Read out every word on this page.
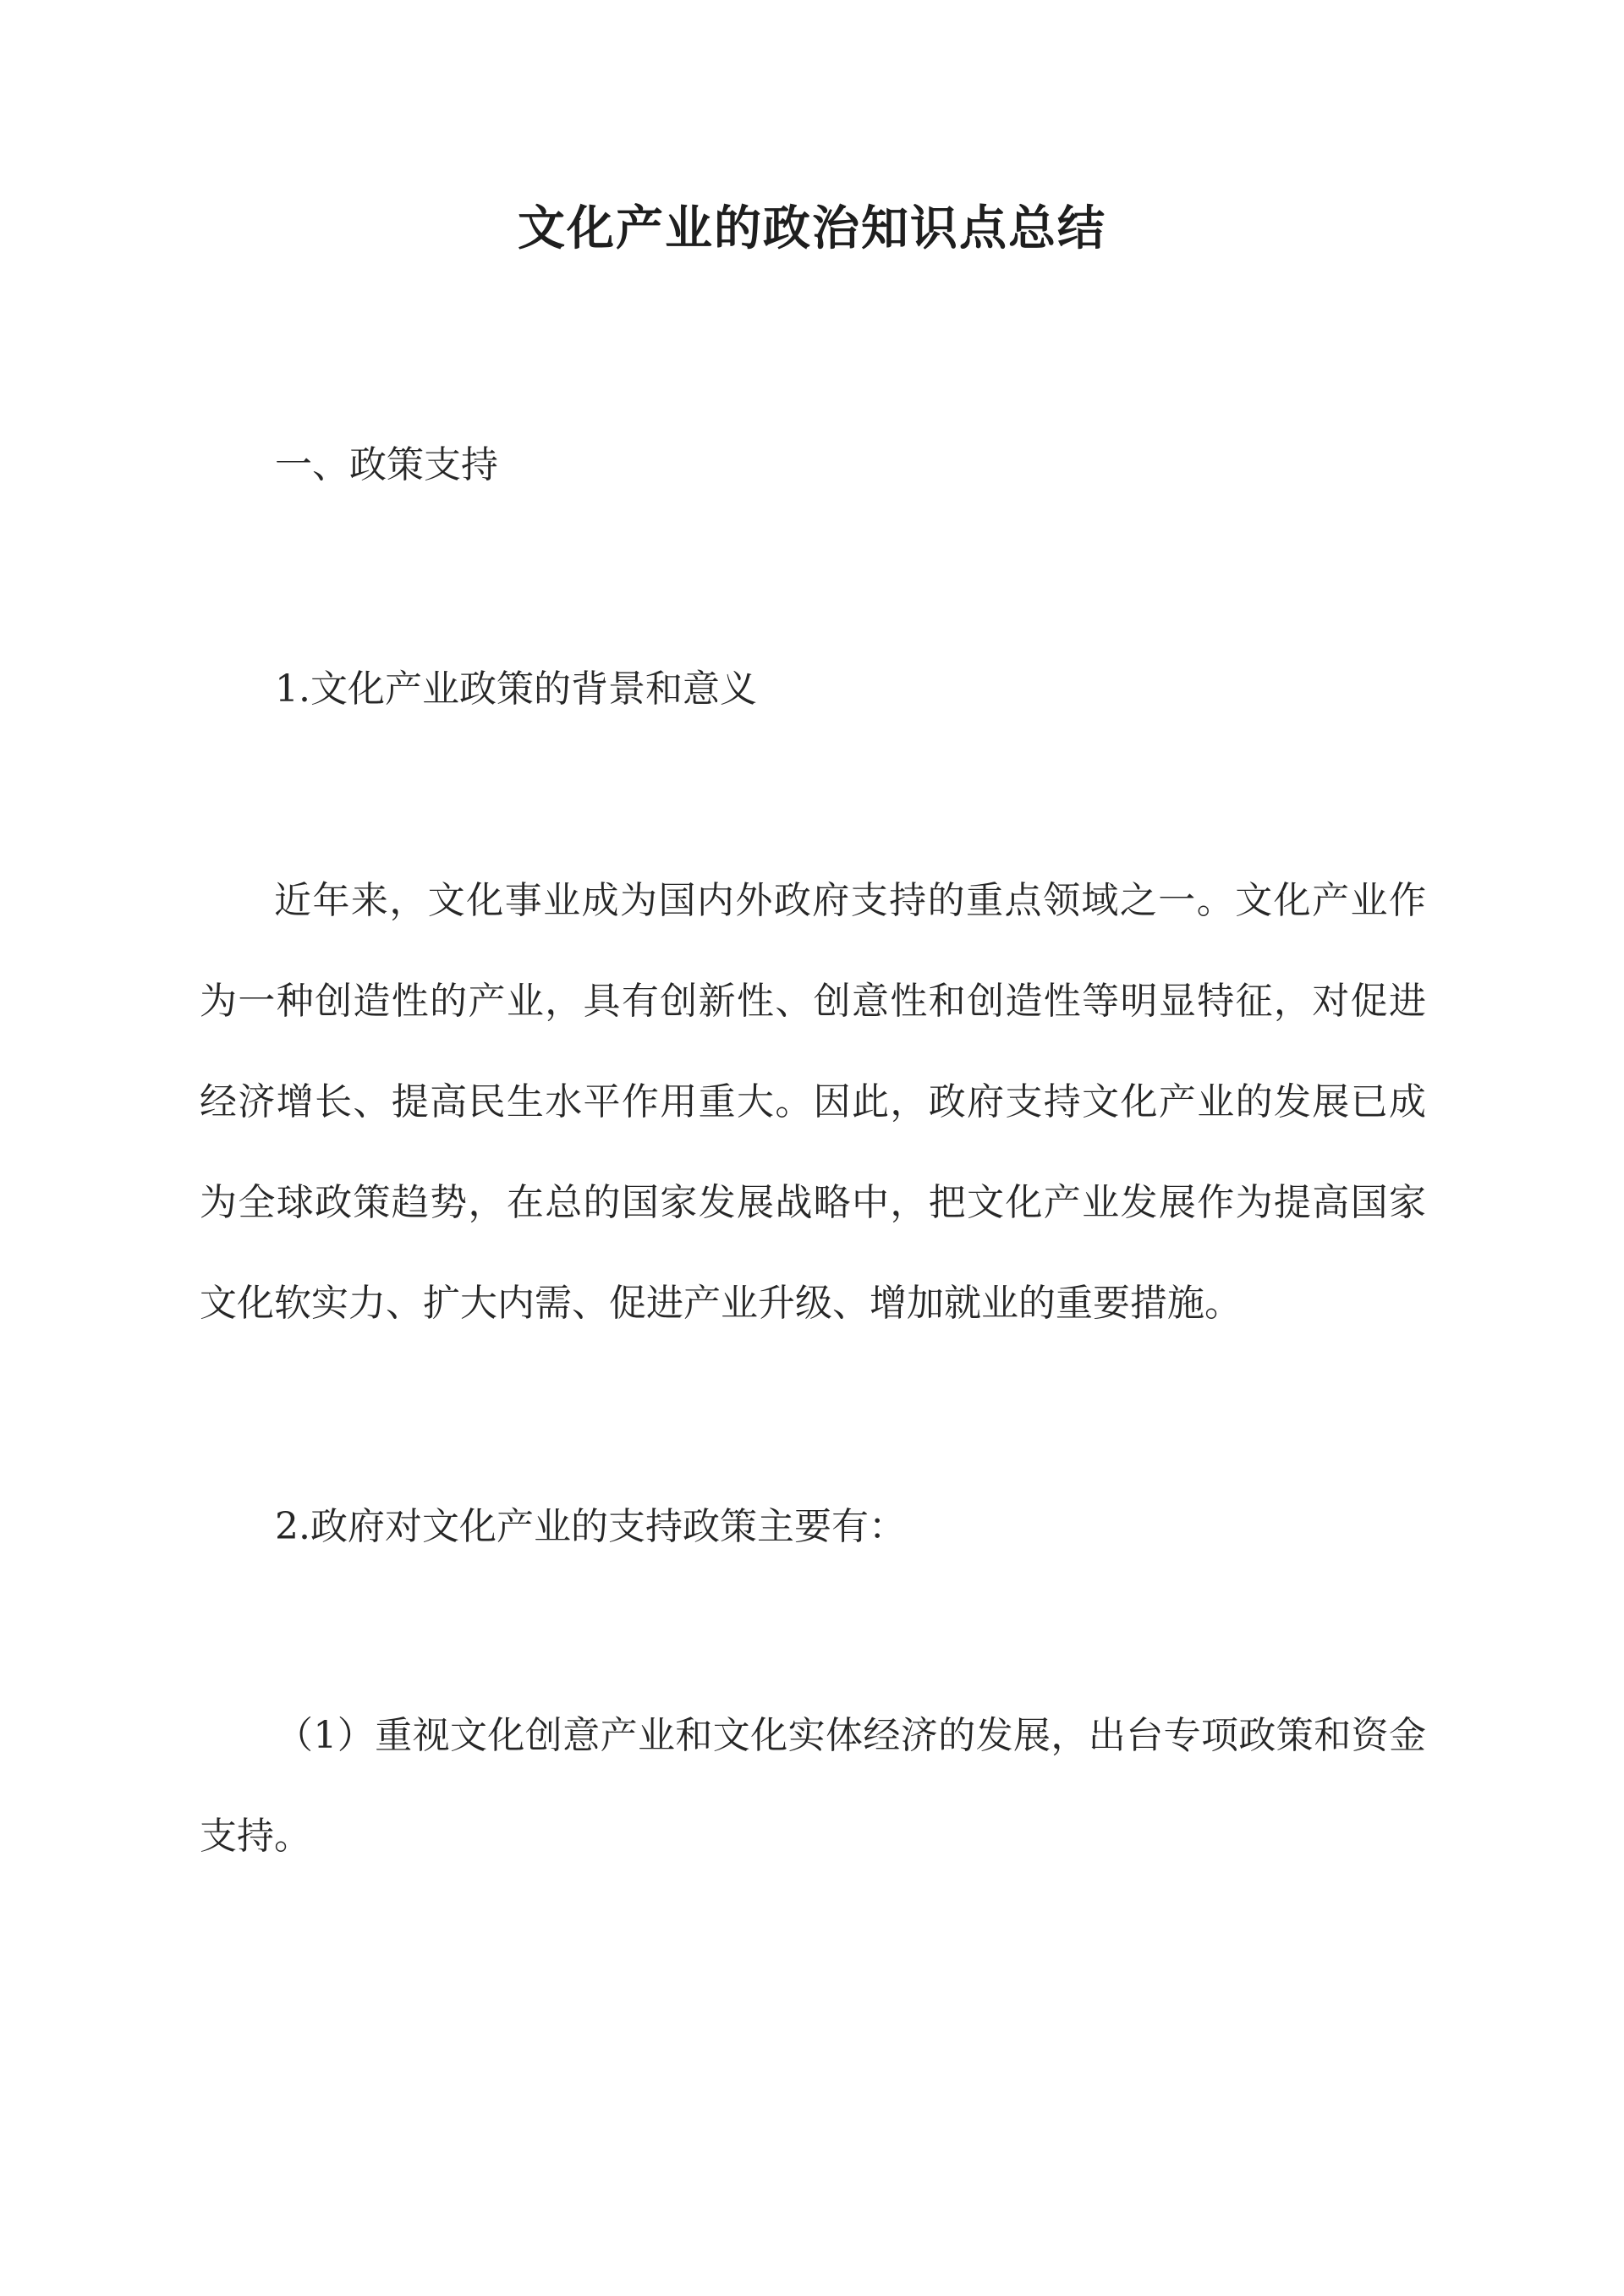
文化产业的政治知识点总结
一、政策支持
1.文化产业政策的背景和意义

近年来，文化事业成为国内外政府支持的重点领域之一。文化产业作为一种创造性的产业，具有创新性、创意性和创造性等明显特征，对促进经济增长、提高民生水平作用重大。因此，政府支持文化产业的发展已成为全球政策趋势，在总的国家发展战略中，把文化产业发展作为提高国家文化软实力、扩大内需、促进产业升级、增加就业的重要措施。

2.政府对文化产业的支持政策主要有：

（1）重视文化创意产业和文化实体经济的发展，出台专项政策和资金支持。
